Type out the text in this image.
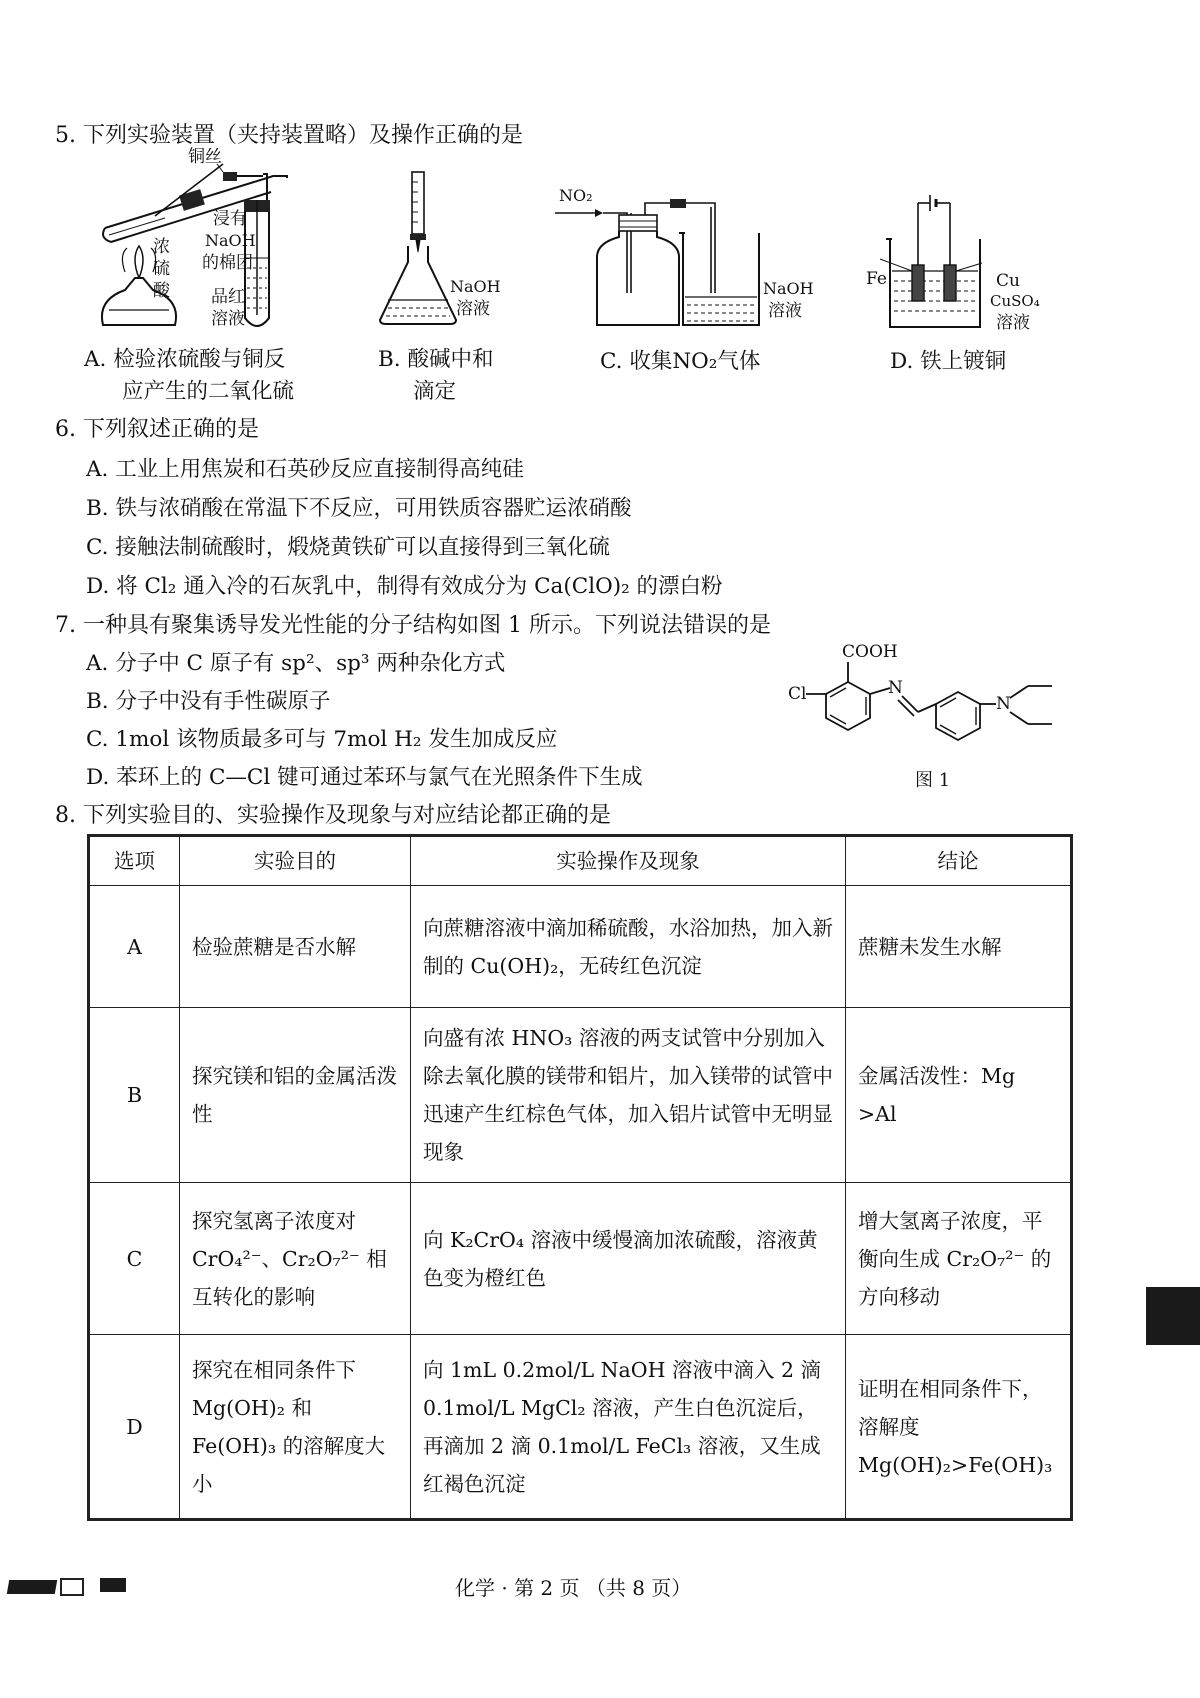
5. 下列实验装置（夹持装置略）及操作正确的是
铜丝
浸有
NaOH
的棉团
浓
硫
酸 品红
溶液
A. 检验浓硫酸与铜反
应产生的二氧化硫
NaOH
溶液
B. 酸碱中和
滴定
NO₂
NaOH
溶液
C. 收集NO₂气体
Fe	Cu
CuSO₄
溶液
D. 铁上镀铜
6. 下列叙述正确的是
A. 工业上用焦炭和石英砂反应直接制得高纯硅
B. 铁与浓硝酸在常温下不反应，可用铁质容器贮运浓硝酸
C. 接触法制硫酸时，煅烧黄铁矿可以直接得到三氧化硫
D. 将 Cl₂ 通入冷的石灰乳中，制得有效成分为 Ca(ClO)₂ 的漂白粉
7. 一种具有聚集诱导发光性能的分子结构如图 1 所示。下列说法错误的是
A. 分子中 C 原子有 sp²、sp³ 两种杂化方式
B. 分子中没有手性碳原子
C. 1mol 该物质最多可与 7mol H₂ 发生加成反应
D. 苯环上的 C—Cl 键可通过苯环与氯气在光照条件下生成
COOH
Cl	N
N
图 1
8. 下列实验目的、实验操作及现象与对应结论都正确的是
选项	实验目的	实验操作及现象	结论
A	检验蔗糖是否水解	向蔗糖溶液中滴加稀硫酸，水浴加热，加入新制的 Cu(OH)₂，无砖红色沉淀	蔗糖未发生水解
B	探究镁和铝的金属活泼性	向盛有浓 HNO₃ 溶液的两支试管中分别加入除去氧化膜的镁带和铝片，加入镁带的试管中迅速产生红棕色气体，加入铝片试管中无明显现象	金属活泼性：Mg >Al
C	探究氢离子浓度对 CrO₄²⁻、Cr₂O₇²⁻ 相互转化的影响	向 K₂CrO₄ 溶液中缓慢滴加浓硫酸，溶液黄色变为橙红色	增大氢离子浓度，平衡向生成 Cr₂O₇²⁻ 的方向移动
D	探究在相同条件下 Mg(OH)₂ 和 Fe(OH)₃ 的溶解度大小	向 1mL 0.2mol/L NaOH 溶液中滴入 2 滴 0.1mol/L MgCl₂ 溶液，产生白色沉淀后，再滴加 2 滴 0.1mol/L FeCl₃ 溶液，又生成红褐色沉淀	证明在相同条件下，溶解度 Mg(OH)₂>Fe(OH)₃
化学 · 第 2 页 （共 8 页）
